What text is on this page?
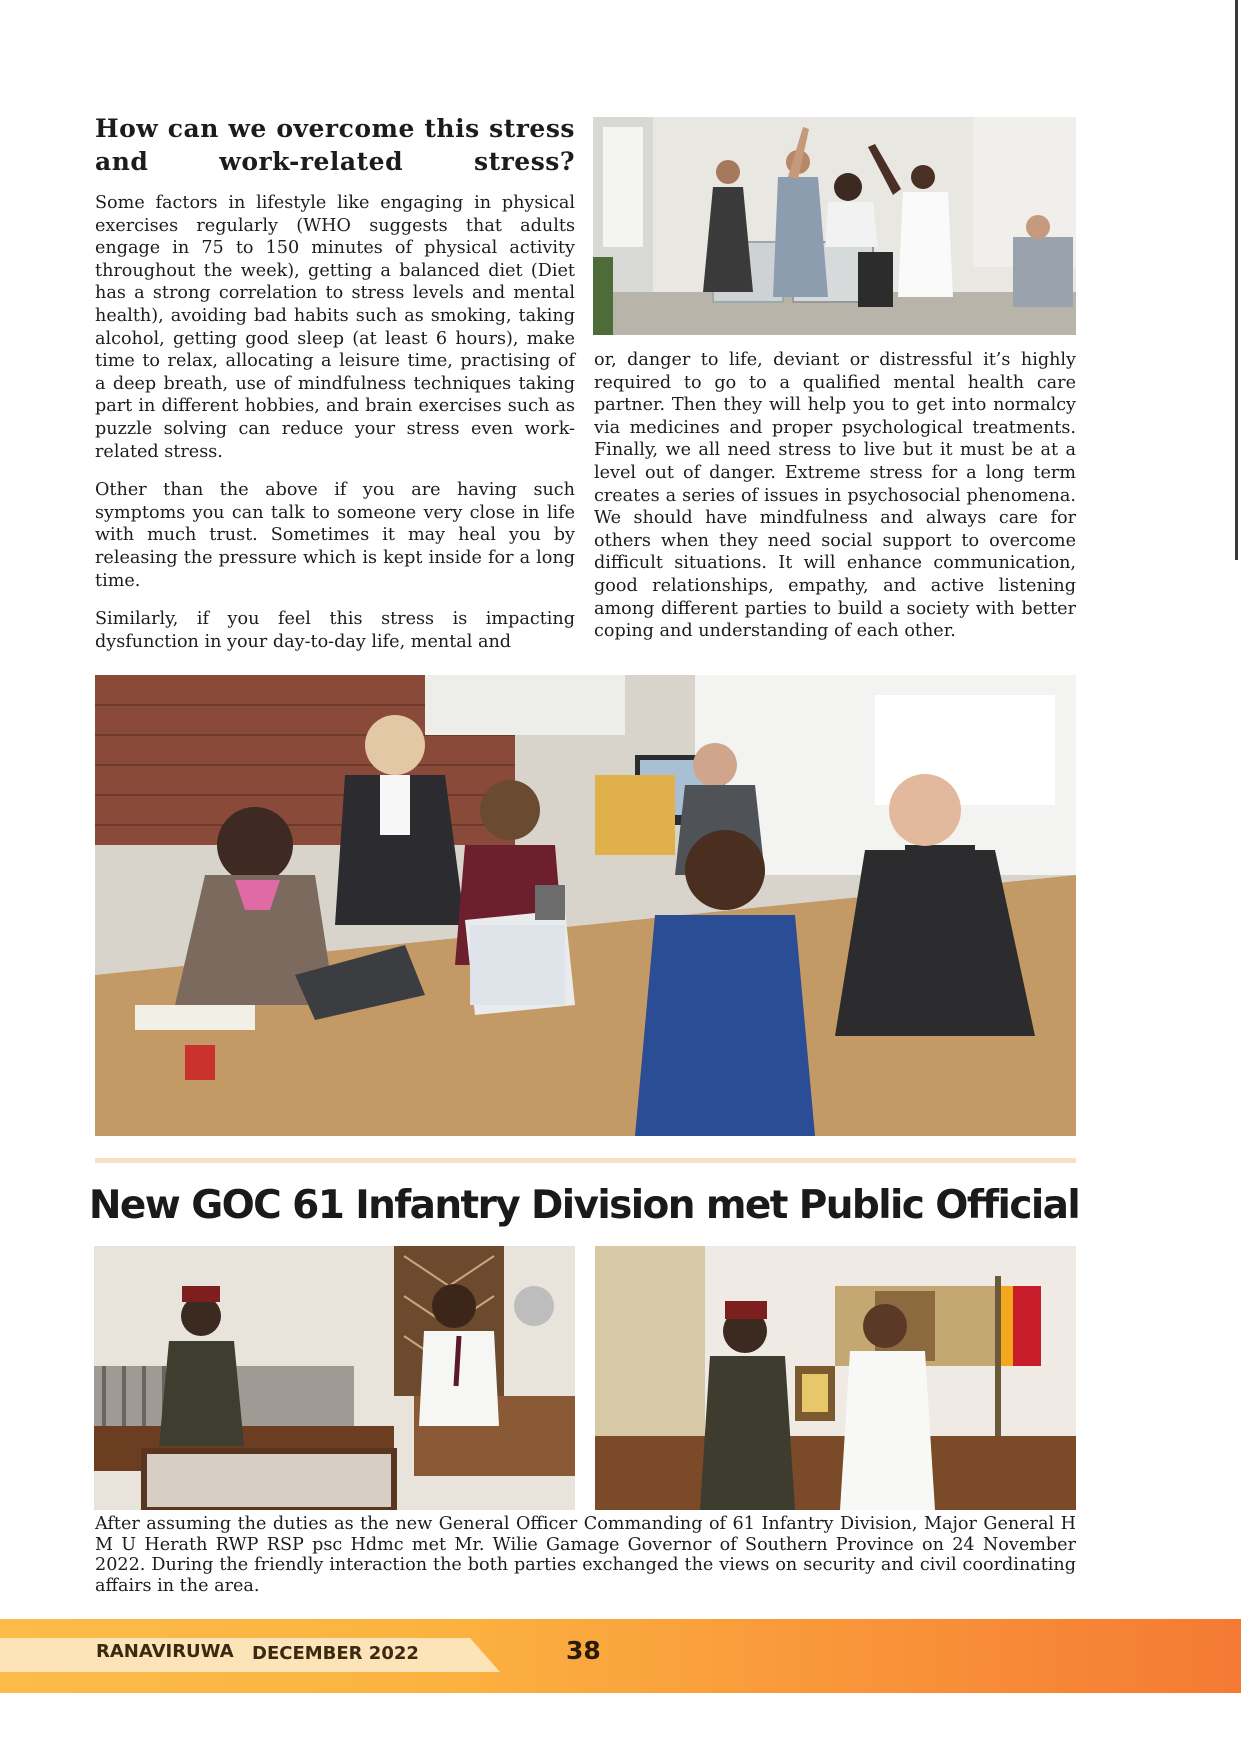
How can we overcome this stress and work-related stress?

Some factors in lifestyle like engaging in physical exercises regularly (WHO suggests that adults engage in 75 to 150 minutes of physical activity throughout the week), getting a balanced diet (Diet has a strong correlation to stress levels and mental health), avoiding bad habits such as smoking, taking alcohol, getting good sleep (at least 6 hours), make time to relax, allocating a leisure time, practising of a deep breath, use of mindfulness techniques taking part in different hobbies, and brain exercises such as puzzle solving can reduce your stress even work-related stress.

Other than the above if you are having such symptoms you can talk to someone very close in life with much trust. Sometimes it may heal you by releasing the pressure which is kept inside for a long time.

Similarly, if you feel this stress is impacting dysfunction in your day-to-day life, mental and

or, danger to life, deviant or distressful it’s highly required to go to a qualified mental health care partner. Then they will help you to get into normalcy via medicines and proper psychological treatments. Finally, we all need stress to live but it must be at a level out of danger. Extreme stress for a long term creates a series of issues in psychosocial phenomena. We should have mindfulness and always care for others when they need social support to overcome difficult situations. It will enhance communication, good relationships, empathy, and active listening among different parties to build a society with better coping and understanding of each other.

New GOC 61 Infantry Division met Public Official
After assuming the duties as the new General Officer Commanding of 61 Infantry Division, Major General H M U Herath RWP RSP psc Hdmc met Mr. Wilie Gamage Governor of Southern Province on 24 November 2022. During the friendly interaction the both parties exchanged the views on security and civil coordinating affairs in the area.
RANAVIRUWA DECEMBER 2022	38
